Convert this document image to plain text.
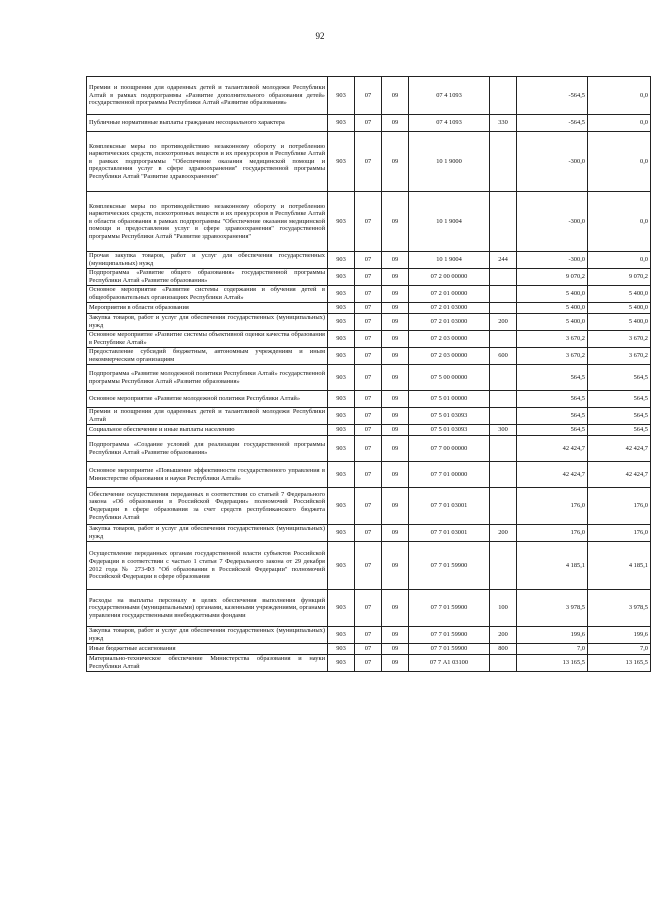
92
Премии и поощрения для одаренных детей и талантливой молодежи Республики Алтай в рамках подпрограммы «Развитие дополнительного образования детей» государственной программы Республики Алтай «Развитие образования»	903	07	09	07 4 1093		-564,5	0,0
Публичные нормативные выплаты гражданам несоциального характера	903	07	09	07 4 1093	330	-564,5	0,0
Комплексные меры по противодействию незаконному обороту и потреблению наркотических средств, психотропных веществ и их прекурсоров в Республике Алтай в рамках подпрограммы "Обеспечение оказания медицинской помощи и предоставления услуг в сфере здравоохранения" государственной программы Республики Алтай "Развитие здравоохранения"	903	07	09	10 1 9000		-300,0	0,0
Комплексные меры по противодействию незаконному обороту и потреблению наркотических средств, психотропных веществ и их прекурсоров в Республике Алтай в области образования в рамках подпрограммы "Обеспечение оказания медицинской помощи и предоставления услуг в сфере здравоохранения" государственной программы Республики Алтай "Развитие здравоохранения"	903	07	09	10 1 9004		-300,0	0,0
Прочая закупка товаров, работ и услуг для обеспечения государственных (муниципальных) нужд	903	07	09	10 1 9004	244	-300,0	0,0
Подпрограмма «Развитие общего образования» государственной программы Республики Алтай «Развитие образования»	903	07	09	07 2 00 00000		9 070,2	9 070,2
Основное мероприятие «Развитие системы содержания и обучения детей в общеобразовательных организациях Республики Алтай»	903	07	09	07 2 01 00000		5 400,0	5 400,0
Мероприятия в области образования	903	07	09	07 2 01 03000		5 400,0	5 400,0
Закупка товаров, работ и услуг для обеспечения государственных (муниципальных) нужд	903	07	09	07 2 01 03000	200	5 400,0	5 400,0
Основное мероприятие «Развитие системы объективной оценки качества образования в Республике Алтай»	903	07	09	07 2 03 00000		3 670,2	3 670,2
Предоставление субсидий бюджетным, автономным учреждениям и иным некоммерческим организациям	903	07	09	07 2 03 00000	600	3 670,2	3 670,2
Подпрограмма «Развитие молодежной политики Республики Алтай» государственной программы Республики Алтай «Развитие образования»	903	07	09	07 5 00 00000		564,5	564,5
Основное мероприятие «Развитие молодежной политики Республики Алтай»	903	07	09	07 5 01 00000		564,5	564,5
Премии и поощрения для одаренных детей и талантливой молодежи Республики Алтай	903	07	09	07 5 01 03093		564,5	564,5
Социальное обеспечение и иные выплаты населению	903	07	09	07 5 01 03093	300	564,5	564,5
Подпрограмма «Создание условий для реализации государственной программы Республики Алтай «Развитие образования»	903	07	09	07 7 00 00000		42 424,7	42 424,7
Основное мероприятие «Повышение эффективности государственного управления в Министерстве образования и науки Республики Алтай»	903	07	09	07 7 01 00000		42 424,7	42 424,7
Обеспечение осуществления переданных в соответствии со статьей 7 Федерального закона «Об образовании в Российской Федерации» полномочий Российской Федерации в сфере образования за счет средств республиканского бюджета Республики Алтай	903	07	09	07 7 01 03001		176,0	176,0
Закупка товаров, работ и услуг для обеспечения государственных (муниципальных) нужд	903	07	09	07 7 01 03001	200	176,0	176,0
Осуществление переданных органам государственной власти субъектов Российской Федерации в соответствии с частью 1 статьи 7 Федерального закона от 29 декабря 2012 года № 273-ФЗ "Об образовании в Российской Федерации" полномочий Российской Федерации в сфере образования	903	07	09	07 7 01 59900		4 185,1	4 185,1
Расходы на выплаты персоналу в целях обеспечения выполнения функций государственными (муниципальными) органами, казенными учреждениями, органами управления государственными внебюджетными фондами	903	07	09	07 7 01 59900	100	3 978,5	3 978,5
Закупка товаров, работ и услуг для обеспечения государственных (муниципальных) нужд	903	07	09	07 7 01 59900	200	199,6	199,6
Иные бюджетные ассигнования	903	07	09	07 7 01 59900	800	7,0	7,0
Материально-техническое обеспечение Министерства образования и науки Республики Алтай	903	07	09	07 7 А1 03100		13 165,5	13 165,5
